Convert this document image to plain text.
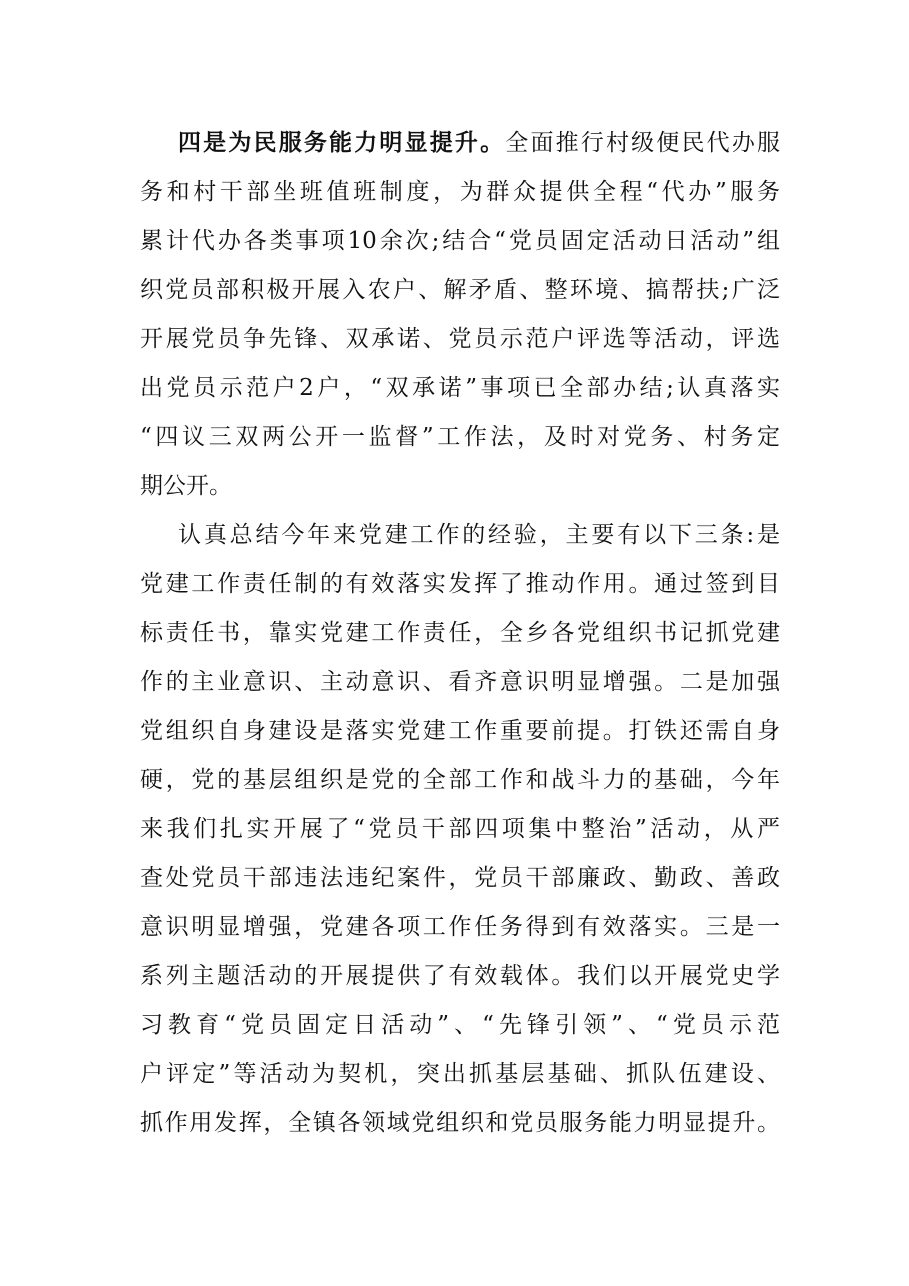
四是为民服务能力明显提升。全面推行村级便民代办服
务和村干部坐班值班制度，为群众提供全程“代办”服务
累计代办各类事项10余次;结合“党员固定活动日活动”组
织党员部积极开展入农户、解矛盾、整环境、搞帮扶;广泛
开展党员争先锋、双承诺、党员示范户评选等活动，评选
出党员示范户2户，“双承诺”事项已全部办结;认真落实
“四议三双两公开一监督”工作法，及时对党务、村务定
期公开。
认真总结今年来党建工作的经验，主要有以下三条:是
党建工作责任制的有效落实发挥了推动作用。通过签到目
标责任书，靠实党建工作责任，全乡各党组织书记抓党建
作的主业意识、主动意识、看齐意识明显增强。二是加强
党组织自身建设是落实党建工作重要前提。打铁还需自身
硬，党的基层组织是党的全部工作和战斗力的基础，今年
来我们扎实开展了“党员干部四项集中整治”活动，从严
查处党员干部违法违纪案件，党员干部廉政、勤政、善政
意识明显增强，党建各项工作任务得到有效落实。三是一
系列主题活动的开展提供了有效载体。我们以开展党史学
习教育“党员固定日活动”、“先锋引领”、“党员示范
户评定”等活动为契机，突出抓基层基础、抓队伍建设、
抓作用发挥，全镇各领域党组织和党员服务能力明显提升。
